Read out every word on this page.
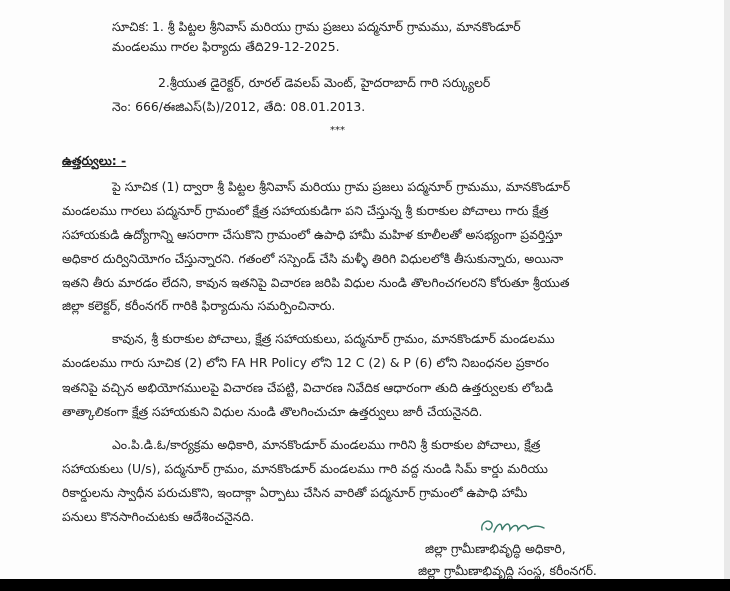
సూచిక: 1. శ్రీ పిట్టల శ్రీనివాస్ మరియు గ్రామ ప్రజలు పద్మనూర్ గ్రామము, మానకొండూర్
మండలము గారల ఫిర్యాదు తేది29-12-2025.
2.శ్రీయుత డైరెక్టర్, రూరల్ డెవలప్ మెంట్, హైదరాబాద్ గారి సర్క్యులర్
నెం: 666/ఈజిఎస్(పి)/2012, తేది: 08.01.2013.
***
ఉత్తర్వులు: -
పై సూచిక (1) ద్వారా శ్రీ పిట్టల శ్రీనివాస్ మరియు గ్రామ ప్రజలు పద్మనూర్ గ్రామము, మానకొండూర్
మండలము గారలు పద్మనూర్ గ్రామంలో క్షేత్ర సహాయకుడిగా పని చేస్తున్న శ్రీ కురాకుల పోచాలు గారు క్షేత్ర
సహాయకుడి ఉద్యోగాన్ని ఆసరాగా చేసుకొని గ్రామంలో ఉపాధి హామీ మహిళ కూలీలతో అసభ్యంగా ప్రవర్తిస్తూ
అధికార దుర్వినియోగం చేస్తున్నారని. గతంలో సస్పెండ్ చేసి మళ్ళీ తిరిగి విధులలోకి తీసుకున్నారు, అయినా
ఇతని తీరు మారడం లేదని, కావున ఇతనిపై విచారణ జరిపి విధుల నుండి తొలగించగలరని కోరుతూ శ్రీయుత
జిల్లా కలెక్టర్, కరీంనగర్ గారికి ఫిర్యాదును సమర్పించినారు.
కావున, శ్రీ కురాకుల పోచాలు, క్షేత్ర సహాయకులు, పద్మనూర్ గ్రామం, మానకొండూర్ మండలము
మండలము గారు సూచిక (2) లోని FA HR Policy లోని 12 C (2) & P (6) లోని నిబంధనల ప్రకారం
ఇతనిపై వచ్చిన అభియోగములపై విచారణ చేపట్టి, విచారణ నివేదిక ఆధారంగా తుది ఉత్తర్వులకు లోబడి
తాత్కాలికంగా క్షేత్ర సహాయకుని విధుల నుండి తొలగించుచూ ఉత్తర్వులు జారీ చేయనైనది.
ఎం.పి.డి.ఓ/కార్యక్రమ అధికారి, మానకొండూర్ మండలము గారిని శ్రీ కురాకుల పోచాలు, క్షేత్ర
సహాయకులు (U/s), పద్మనూర్ గ్రామం, మానకొండూర్ మండలము గారి వద్ద నుండి సిమ్ కార్డు మరియు
రికార్డులను స్వాధీన పరుచుకొని, ఇందాక్గా ఏర్పాటు చేసిన వారితో పద్మనూర్ గ్రామంలో ఉపాధి హామీ
పనులు కొనసాగించుటకు ఆదేశించనైనది.
జిల్లా గ్రామీణాభివృద్ధి అధికారి,
జిల్లా గ్రామీణాభివృద్ధి సంస్థ, కరీంనగర్.
